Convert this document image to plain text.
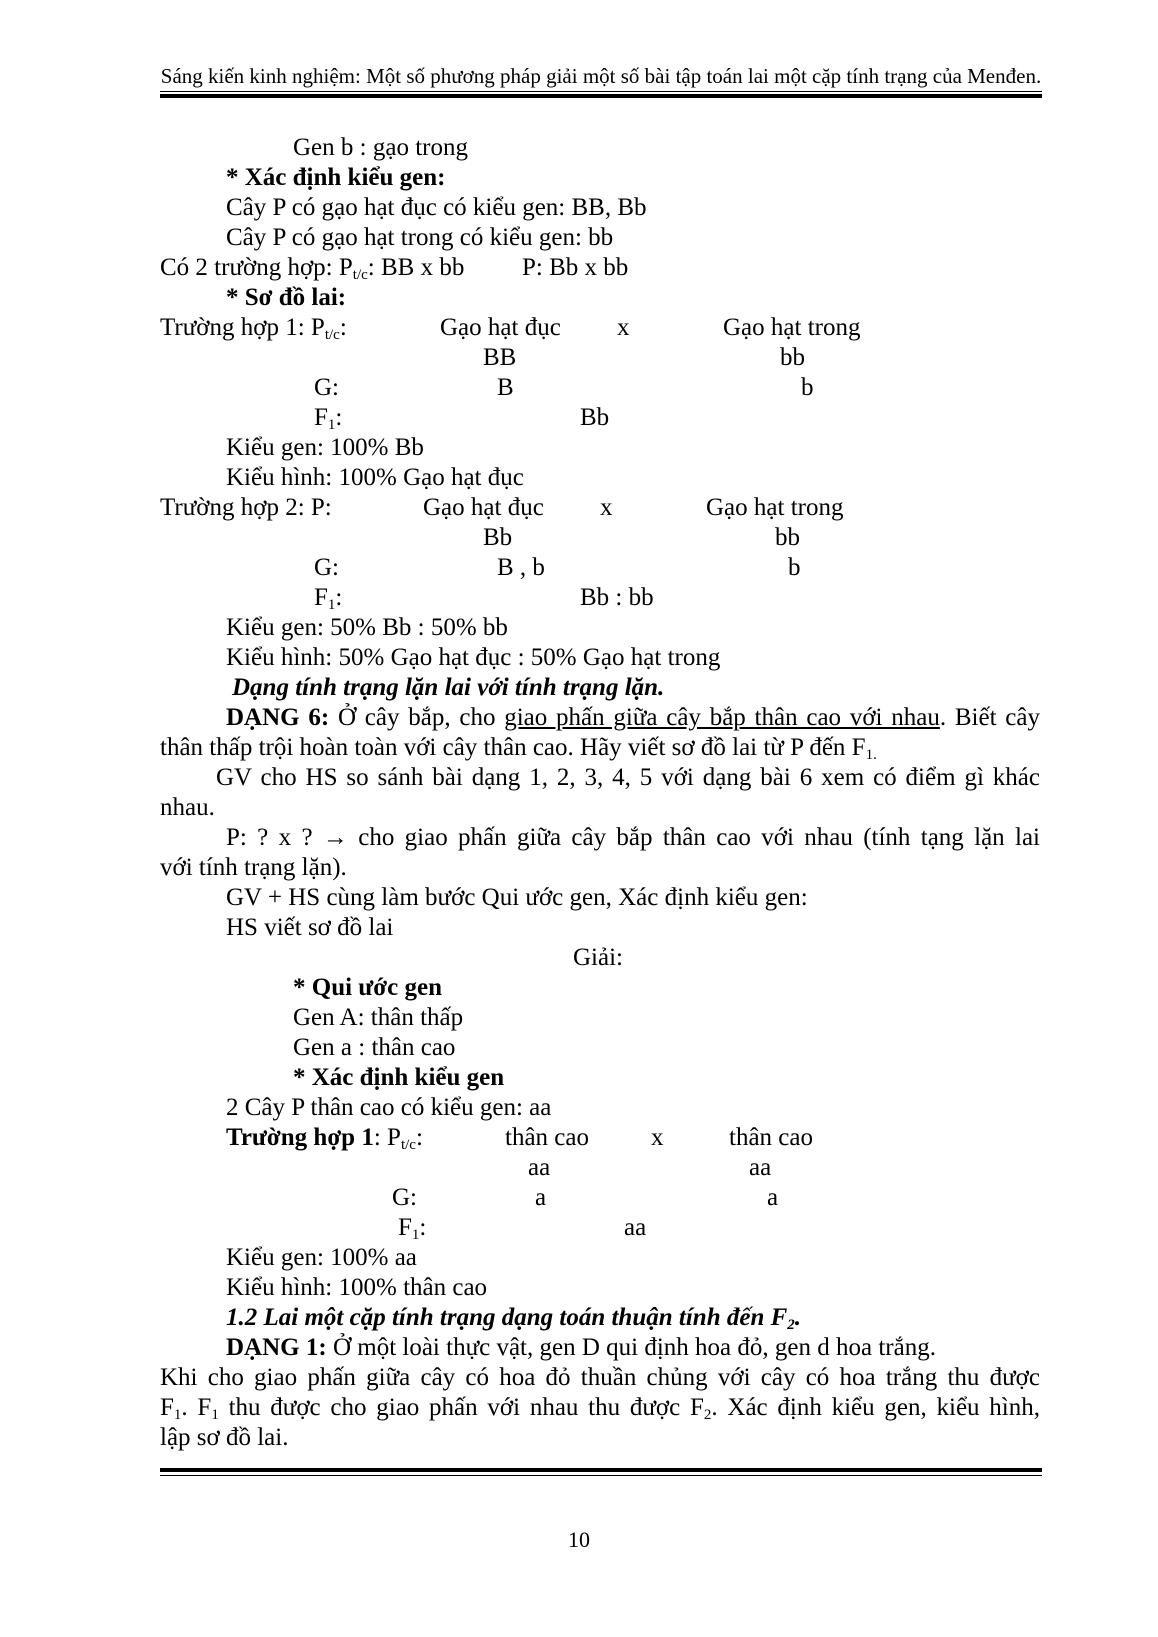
Sáng kiến kinh nghiệm: Một số phương pháp giải một số bài tập toán lai một cặp tính trạng của Menđen.
Gen b : gạo trong
* Xác định kiểu gen:
Cây P có gạo hạt đục có kiểu gen: BB, Bb
Cây P có gạo hạt trong có kiểu gen: bb
Có 2 trường hợp: $P_{t/c}$: BB x bb P: Bb x bb
* Sơ đồ lai:
Trường hợp 1: $P_{t/c}$:	Gạo hạt đục x	Gạo hạt trong
BB	bb
G:	B	b
$F_1$:	Bb
Kiểu gen: 100% Bb
Kiểu hình: 100% Gạo hạt đục
Trường hợp 2: P:	Gạo hạt đục x	Gạo hạt trong
Bb	bb
G:	B , b	b
$F_1$:	Bb : bb
Kiểu gen: 50% Bb : 50% bb
Kiểu hình: 50% Gạo hạt đục : 50% Gạo hạt trong
Dạng tính trạng lặn lai với tính trạng lặn.
DẠNG 6: Ở cây bắp, cho giao phấn giữa cây bắp thân cao với nhau. Biết cây
thân thấp trội hoàn toàn với cây thân cao. Hãy viết sơ đồ lai từ P đến $F_{1.}$
GV cho HS so sánh bài dạng 1, 2, 3, 4, 5 với dạng bài 6 xem có điểm gì khác
nhau.
P: ? x ? → cho giao phấn giữa cây bắp thân cao với nhau (tính tạng lặn lai
với tính trạng lặn).
GV + HS cùng làm bước Qui ước gen, Xác định kiểu gen:
HS viết sơ đồ lai
Giải:
* Qui ước gen
Gen A: thân thấp
Gen a : thân cao
* Xác định kiểu gen
2 Cây P thân cao có kiểu gen: aa
Trường hợp 1: $P_{t/c}$:	thân cao x	thân cao
aa	aa
G:	a	a
$F_1$:	aa
Kiểu gen: 100% aa
Kiểu hình: 100% thân cao
1.2 Lai một cặp tính trạng dạng toán thuận tính đến $F_2$.
DẠNG 1: Ở một loài thực vật, gen D qui định hoa đỏ, gen d hoa trắng.
Khi cho giao phấn giữa cây có hoa đỏ thuần chủng với cây có hoa trắng thu được
$F_1$. $F_1$ thu được cho giao phấn với nhau thu được $F_2$. Xác định kiểu gen, kiểu hình,
lập sơ đồ lai.
10
